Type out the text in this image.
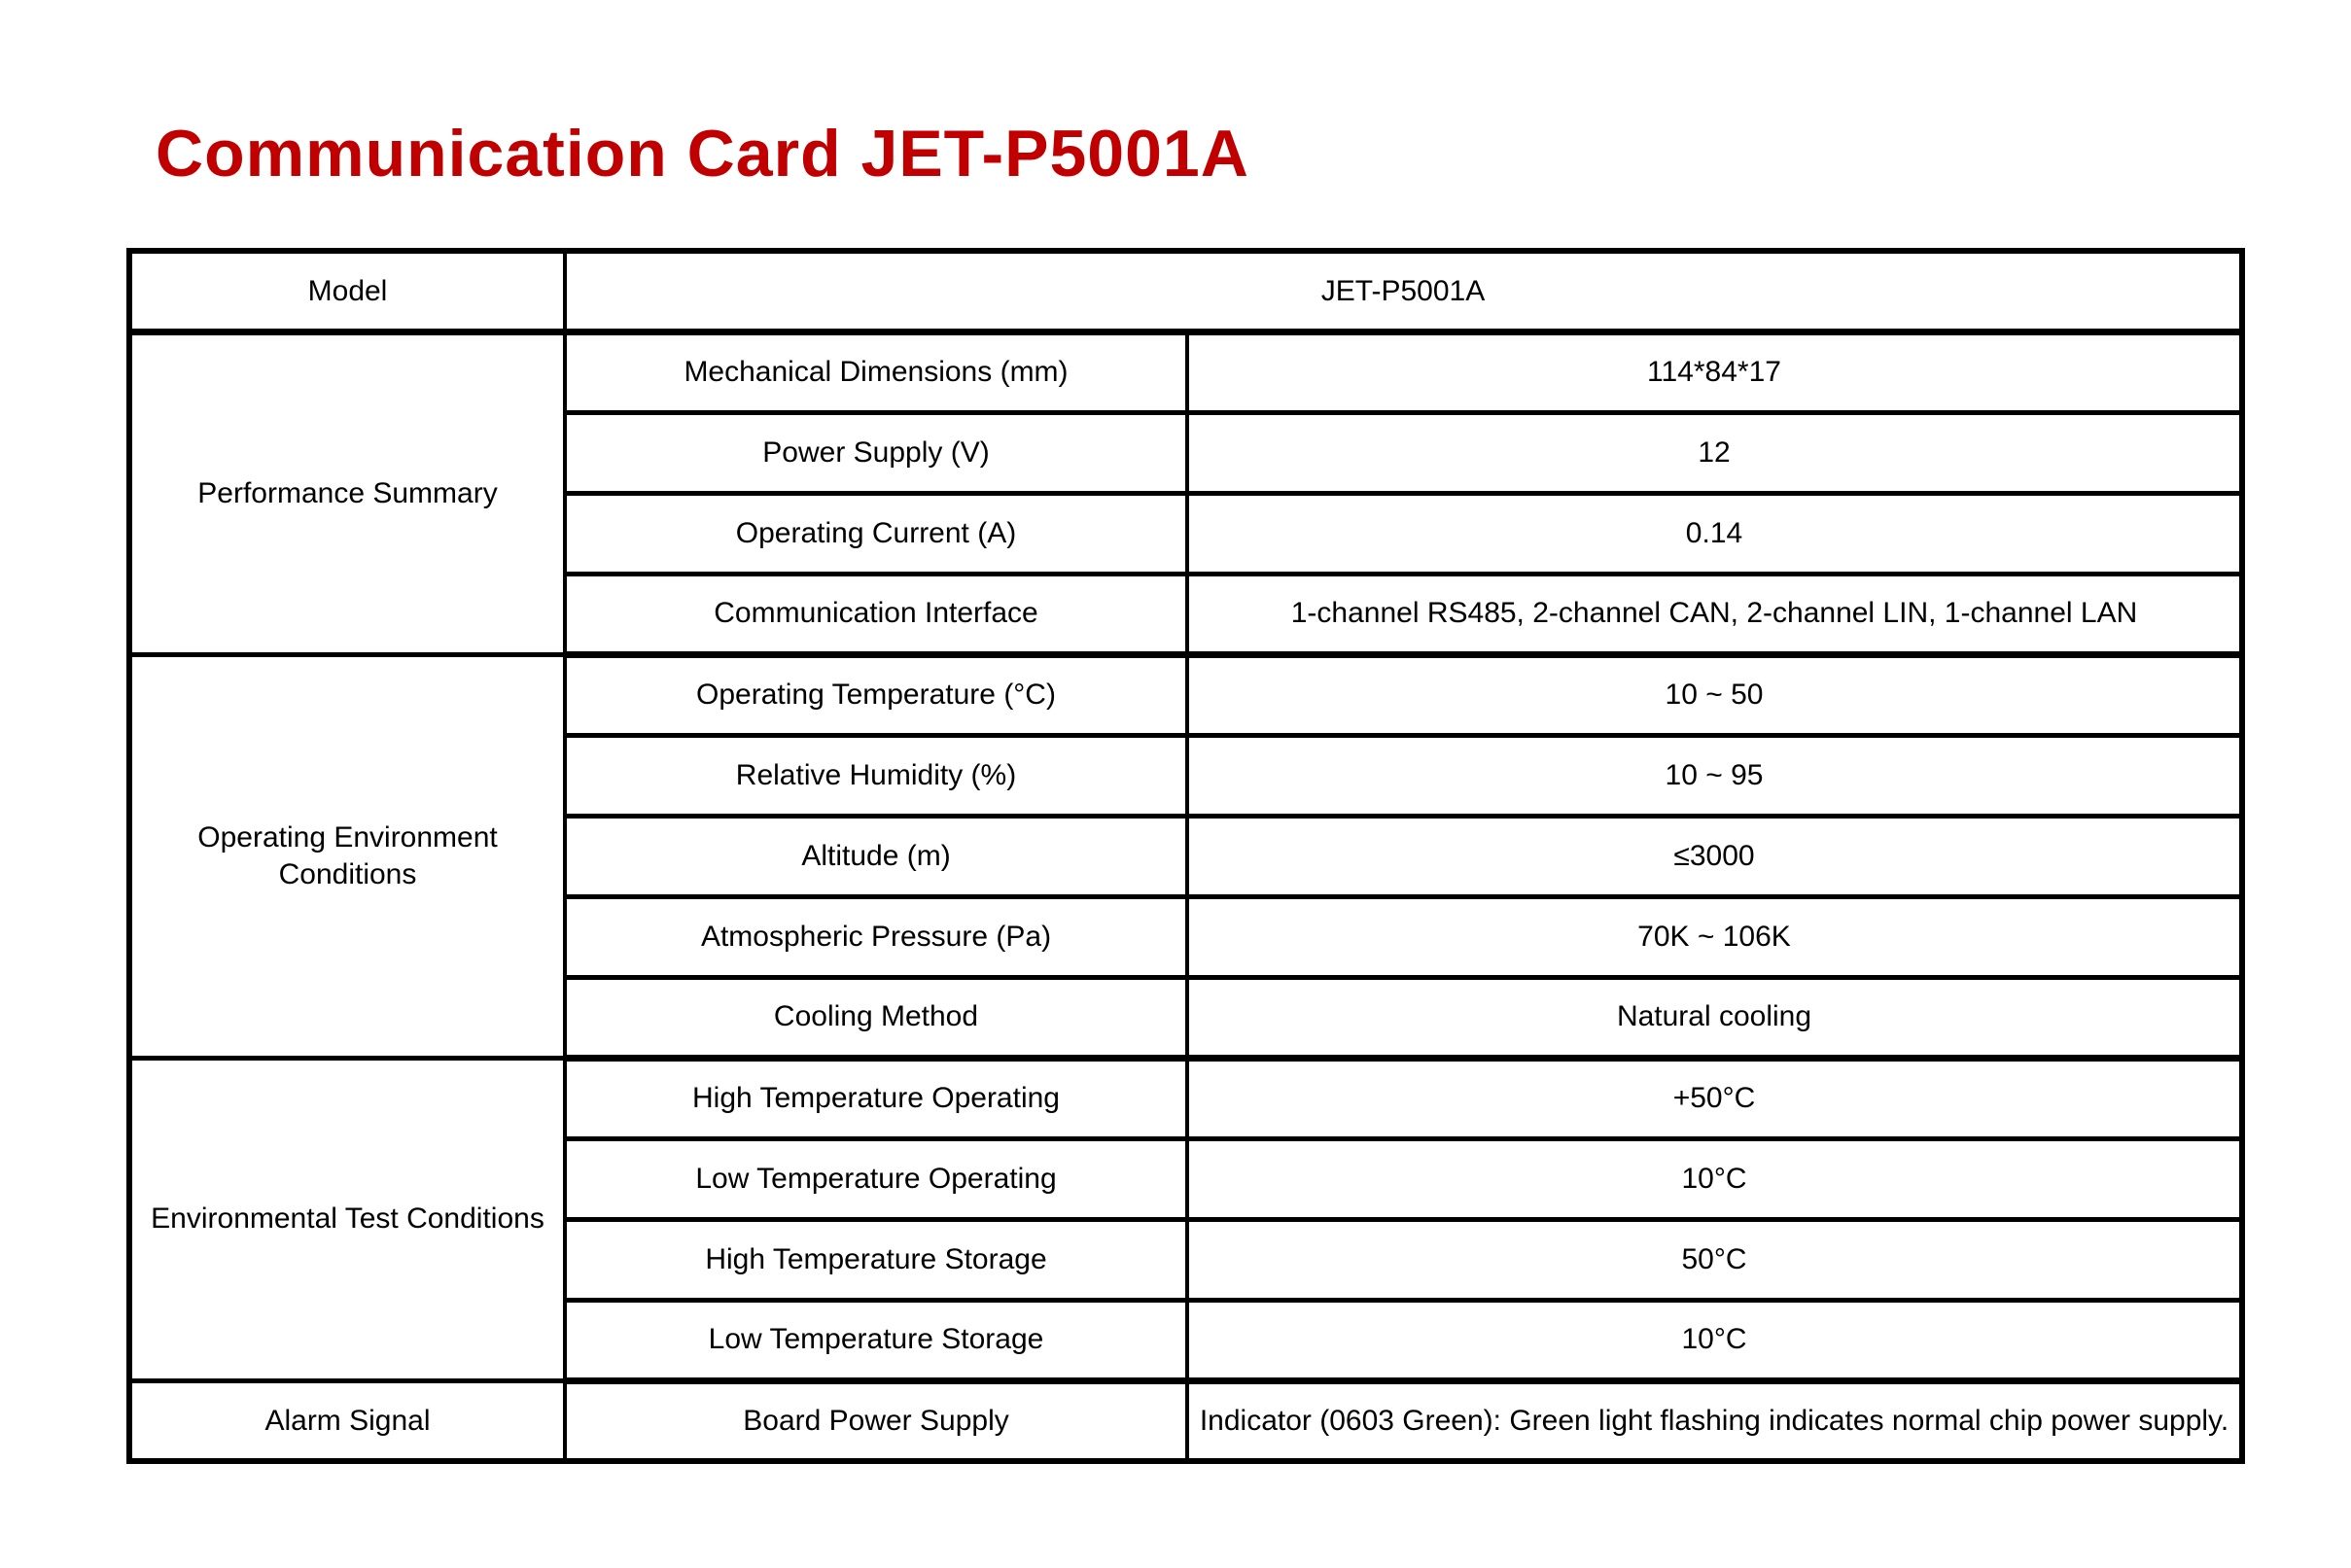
Communication Card JET-P5001A
Model	JET-P5001A	
Performance Summary	Mechanical Dimensions (mm)	114*84*17
	Power Supply (V)	12
	Operating Current (A)	0.14
	Communication Interface	1-channel RS485, 2-channel CAN, 2-channel LIN, 1-channel LAN
Operating Environment Conditions	Operating Temperature (°C)	10 ~ 50
	Relative Humidity (%)	10 ~ 95
	Altitude (m)	≤3000
	Atmospheric Pressure (Pa)	70K ~ 106K
	Cooling Method	Natural cooling
Environmental Test Conditions	High Temperature Operating	+50°C
	Low Temperature Operating	10°C
	High Temperature Storage	50°C
	Low Temperature Storage	10°C
Alarm Signal	Board Power Supply	Indicator (0603 Green): Green light flashing indicates normal chip power supply.
